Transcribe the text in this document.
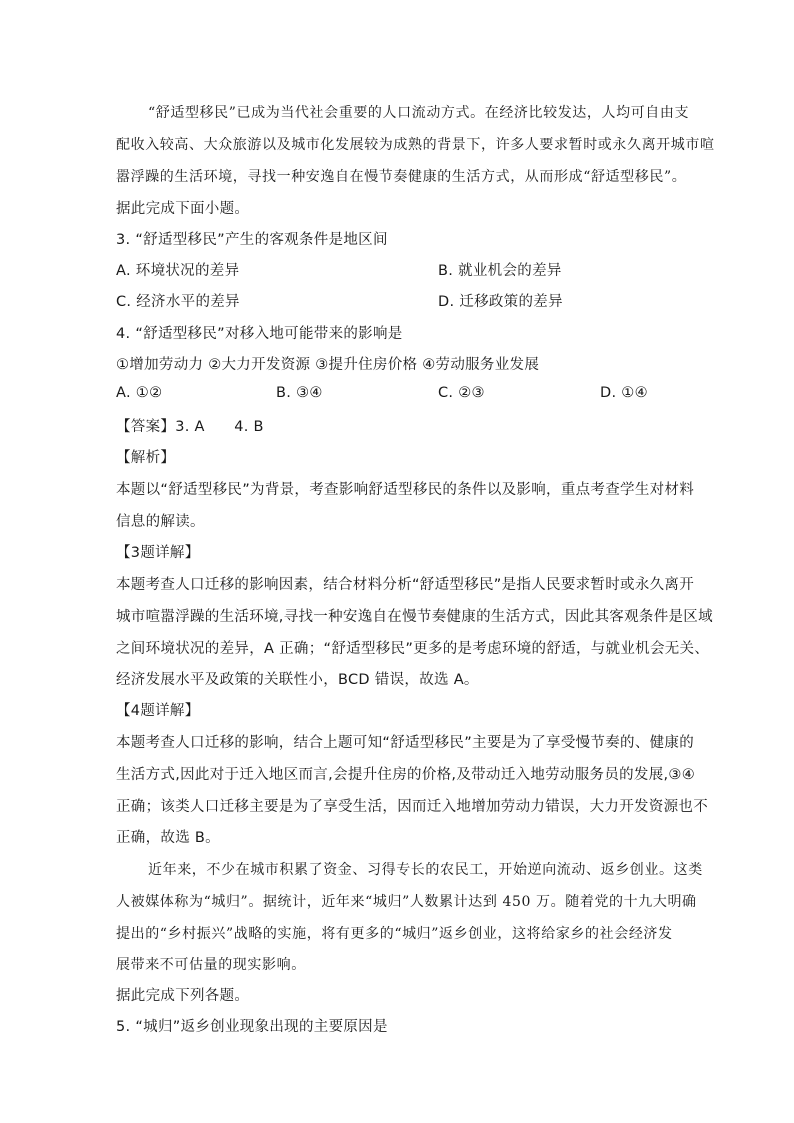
“舒适型移民”已成为当代社会重要的人口流动方式。在经济比较发达，人均可自由支
配收入较高、大众旅游以及城市化发展较为成熟的背景下，许多人要求暂时或永久离开城市喧
嚣浮躁的生活环境，寻找一种安逸自在慢节奏健康的生活方式，从而形成“舒适型移民”。
据此完成下面小题。
3. “舒适型移民”产生的客观条件是地区间
A. 环境状况的差异	B. 就业机会的差异
C. 经济水平的差异	D. 迁移政策的差异
4. “舒适型移民”对移入地可能带来的影响是
①增加劳动力 ②大力开发资源 ③提升住房价格 ④劳动服务业发展
A. ①②	B. ③④	C. ②③	D. ①④
【答案】3. A      4. B
【解析】
本题以“舒适型移民”为背景，考查影响舒适型移民的条件以及影响，重点考查学生对材料
信息的解读。
【3题详解】
本题考查人口迁移的影响因素，结合材料分析“舒适型移民”是指人民要求暂时或永久离开
城市喧嚣浮躁的生活环境,寻找一种安逸自在慢节奏健康的生活方式，因此其客观条件是区域
之间环境状况的差异，A 正确；“舒适型移民”更多的是考虑环境的舒适，与就业机会无关、
经济发展水平及政策的关联性小，BCD 错误，故选 A。
【4题详解】
本题考查人口迁移的影响，结合上题可知“舒适型移民”主要是为了享受慢节奏的、健康的
生活方式,因此对于迁入地区而言,会提升住房的价格,及带动迁入地劳动服务员的发展,③④
正确；该类人口迁移主要是为了享受生活，因而迁入地增加劳动力错误，大力开发资源也不
正确，故选 B。
近年来，不少在城市积累了资金、习得专长的农民工，开始逆向流动、返乡创业。这类
人被媒体称为“城归”。据统计，近年来“城归”人数累计达到 450 万。随着党的十九大明确
提出的“乡村振兴”战略的实施，将有更多的“城归”返乡创业，这将给家乡的社会经济发
展带来不可估量的现实影响。
据此完成下列各题。
5. “城归”返乡创业现象出现的主要原因是
